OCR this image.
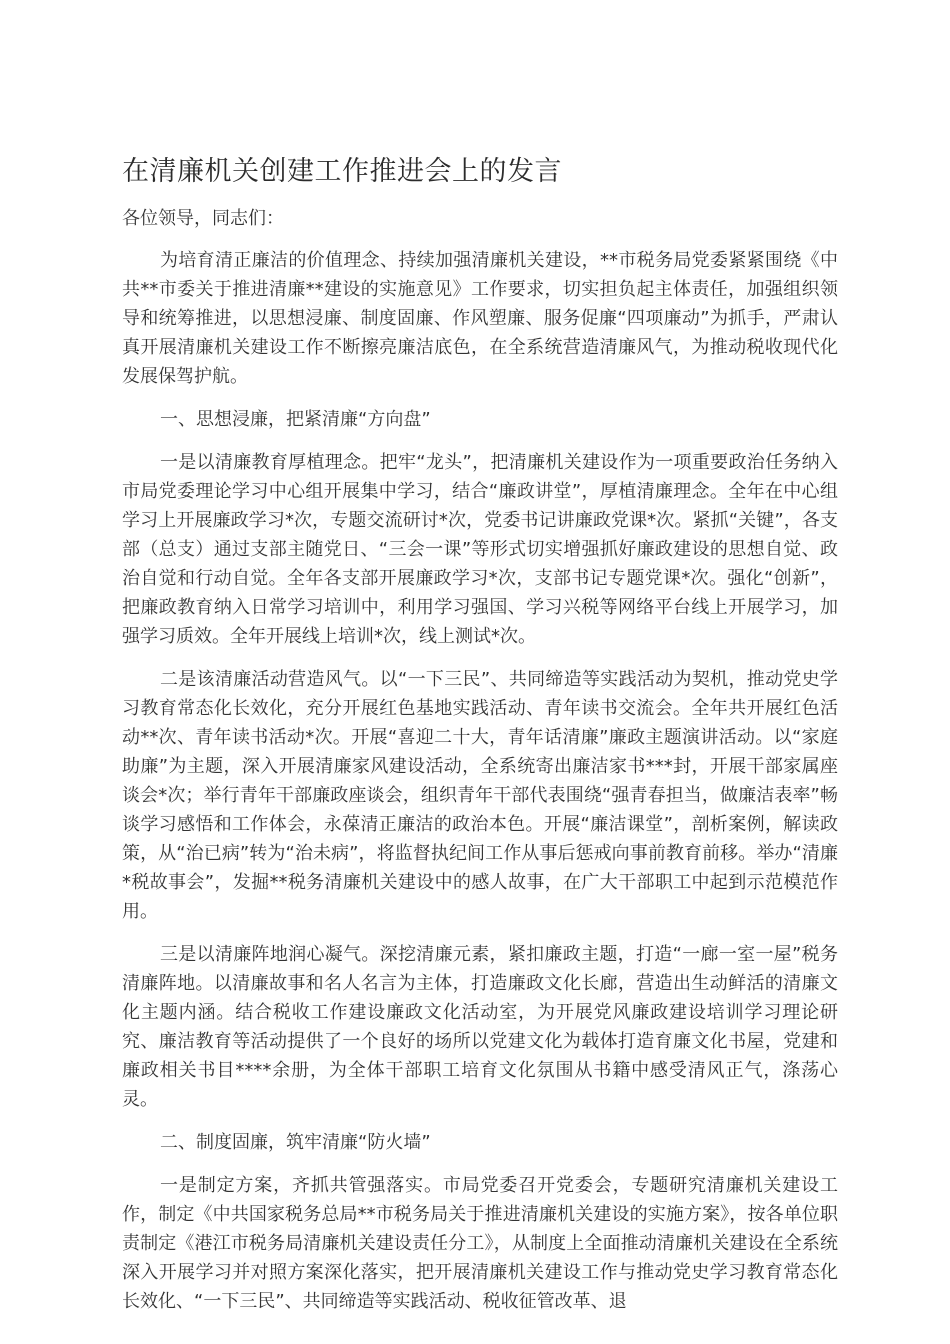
在清廉机关创建工作推进会上的发言

各位领导，同志们：

为培育清正廉洁的价值理念、持续加强清廉机关建设，**市税务局党委紧紧围绕《中共**市委关于推进清廉**建设的实施意见》工作要求，切实担负起主体责任，加强组织领导和统筹推进，以思想浸廉、制度固廉、作风塑廉、服务促廉“四项廉动”为抓手，严肃认真开展清廉机关建设工作不断擦亮廉洁底色，在全系统营造清廉风气，为推动税收现代化发展保驾护航。

一、思想浸廉，把紧清廉“方向盘”

一是以清廉教育厚植理念。把牢“龙头”，把清廉机关建设作为一项重要政治任务纳入市局党委理论学习中心组开展集中学习，结合“廉政讲堂”，厚植清廉理念。全年在中心组学习上开展廉政学习*次，专题交流研讨*次，党委书记讲廉政党课*次。紧抓“关键”，各支部（总支）通过支部主随党日、“三会一课”等形式切实增强抓好廉政建设的思想自觉、政治自觉和行动自觉。全年各支部开展廉政学习*次，支部书记专题党课*次。强化“创新”，把廉政教育纳入日常学习培训中，利用学习强国、学习兴税等网络平台线上开展学习，加强学习质效。全年开展线上培训*次，线上测试*次。

二是该清廉活动营造风气。以“一下三民”、共同缔造等实践活动为契机，推动党史学习教育常态化长效化，充分开展红色基地实践活动、青年读书交流会。全年共开展红色活动**次、青年读书活动*次。开展“喜迎二十大，青年话清廉”廉政主题演讲活动。以“家庭助廉”为主题，深入开展清廉家风建设活动，全系统寄出廉洁家书***封，开展干部家属座谈会*次；举行青年干部廉政座谈会，组织青年干部代表围绕“强青春担当，做廉洁表率”畅谈学习感悟和工作体会，永葆清正廉洁的政治本色。开展“廉洁课堂”，剖析案例，解读政策，从“治已病”转为“治未病”，将监督执纪间工作从事后惩戒向事前教育前移。举办“清廉*税故事会”，发掘**税务清廉机关建设中的感人故事，在广大干部职工中起到示范模范作用。

三是以清廉阵地润心凝气。深挖清廉元素，紧扣廉政主题，打造“一廊一室一屋”税务清廉阵地。以清廉故事和名人名言为主体，打造廉政文化长廊，营造出生动鲜活的清廉文化主题内涵。结合税收工作建设廉政文化活动室，为开展党风廉政建设培训学习理论研究、廉洁教育等活动提供了一个良好的场所以党建文化为载体打造育廉文化书屋，党建和廉政相关书目****余册，为全体干部职工培育文化氛围从书籍中感受清风正气，涤荡心灵。

二、制度固廉，筑牢清廉“防火墙”

一是制定方案，齐抓共管强落实。市局党委召开党委会，专题研究清廉机关建设工作，制定《中共国家税务总局**市税务局关于推进清廉机关建设的实施方案》，按各单位职责制定《港江市税务局清廉机关建设责任分工》，从制度上全面推动清廉机关建设在全系统深入开展学习并对照方案深化落实，把开展清廉机关建设工作与推动党史学习教育常态化长效化、“一下三民”、共同缔造等实践活动、税收征管改革、退
